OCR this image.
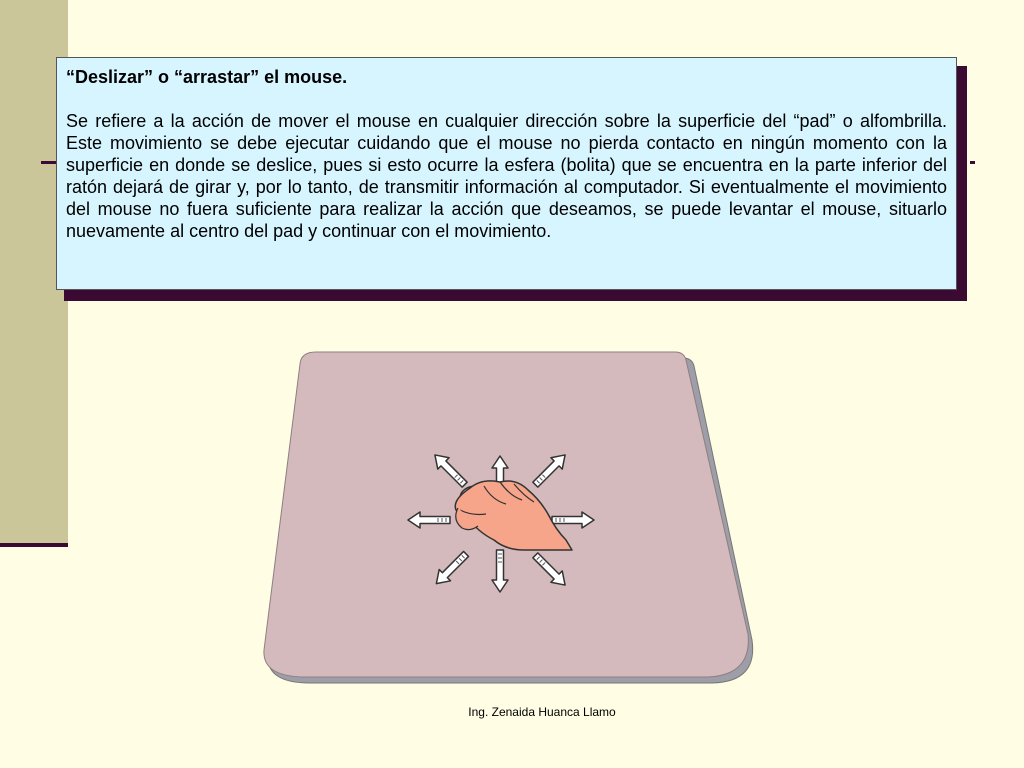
“Deslizar” o “arrastar” el mouse.

Se refiere a la acción de mover el mouse en cualquier dirección sobre la superficie del “pad” o alfombrilla. Este movimiento se debe ejecutar cuidando que el mouse no pierda contacto en ningún momento con la superficie en donde se deslice, pues si esto ocurre la esfera (bolita) que se encuentra en la parte inferior del ratón dejará de girar y, por lo tanto, de transmitir información al computador. Si eventualmente el movimiento del mouse no fuera suficiente para realizar la acción que deseamos, se puede levantar el mouse, situarlo nuevamente al centro del pad y continuar con el movimiento.

Ing. Zenaida Huanca Llamo
